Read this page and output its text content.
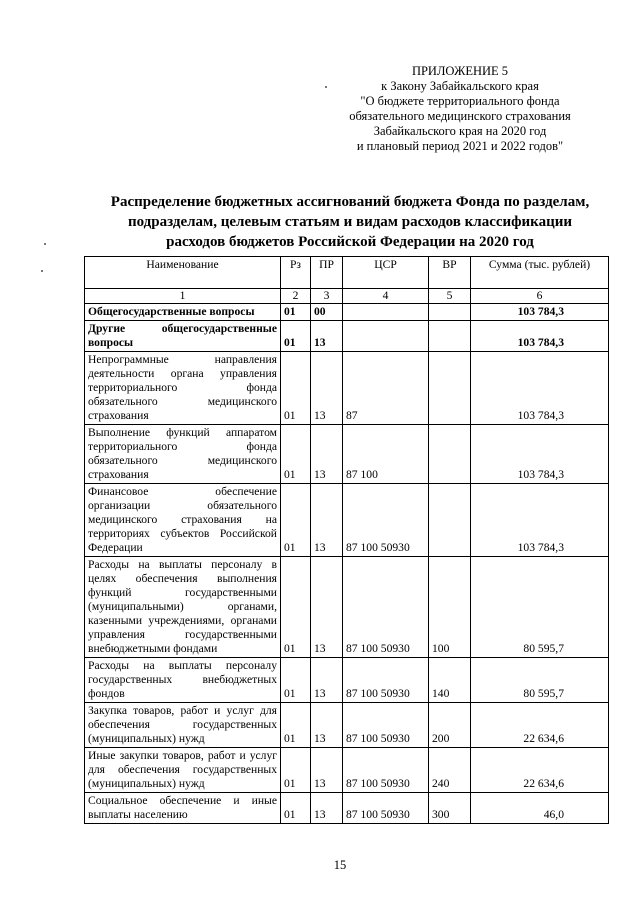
ПРИЛОЖЕНИЕ 5
к Закону Забайкальского края
"О бюджете территориального фонда
обязательного медицинского страхования
Забайкальского края на 2020 год
и плановый период 2021 и 2022 годов"
Распределение бюджетных ассигнований бюджета Фонда по разделам,
подразделам, целевым статьям и видам расходов классификации
расходов бюджетов Российской Федерации на 2020 год
Наименование	Рз	ПР	ЦСР	ВР	Сумма (тыс. рублей)
1	2	3	4	5	6
Общегосударственные вопросы	01	00			103 784,3
Другие общегосударственные вопросы	01	13			103 784,3
Непрограммные направления деятельности органа управления территориального фонда обязательного медицинского страхования	01	13	87		103 784,3
Выполнение функций аппаратом территориального фонда обязательного медицинского страхования	01	13	87 100		103 784,3
Финансовое обеспечение организации обязательного медицинского страхования на территориях субъектов Российской Федерации	01	13	87 100 50930		103 784,3
Расходы на выплаты персоналу в целях обеспечения выполнения функций государственными (муниципальными) органами, казенными учреждениями, органами управления государственными внебюджетными фондами	01	13	87 100 50930	100	80 595,7
Расходы на выплаты персоналу государственных внебюджетных фондов	01	13	87 100 50930	140	80 595,7
Закупка товаров, работ и услуг для обеспечения государственных (муниципальных) нужд	01	13	87 100 50930	200	22 634,6
Иные закупки товаров, работ и услуг для обеспечения государственных (муниципальных) нужд	01	13	87 100 50930	240	22 634,6
Социальное обеспечение и иные выплаты населению	01	13	87 100 50930	300	46,0
15
